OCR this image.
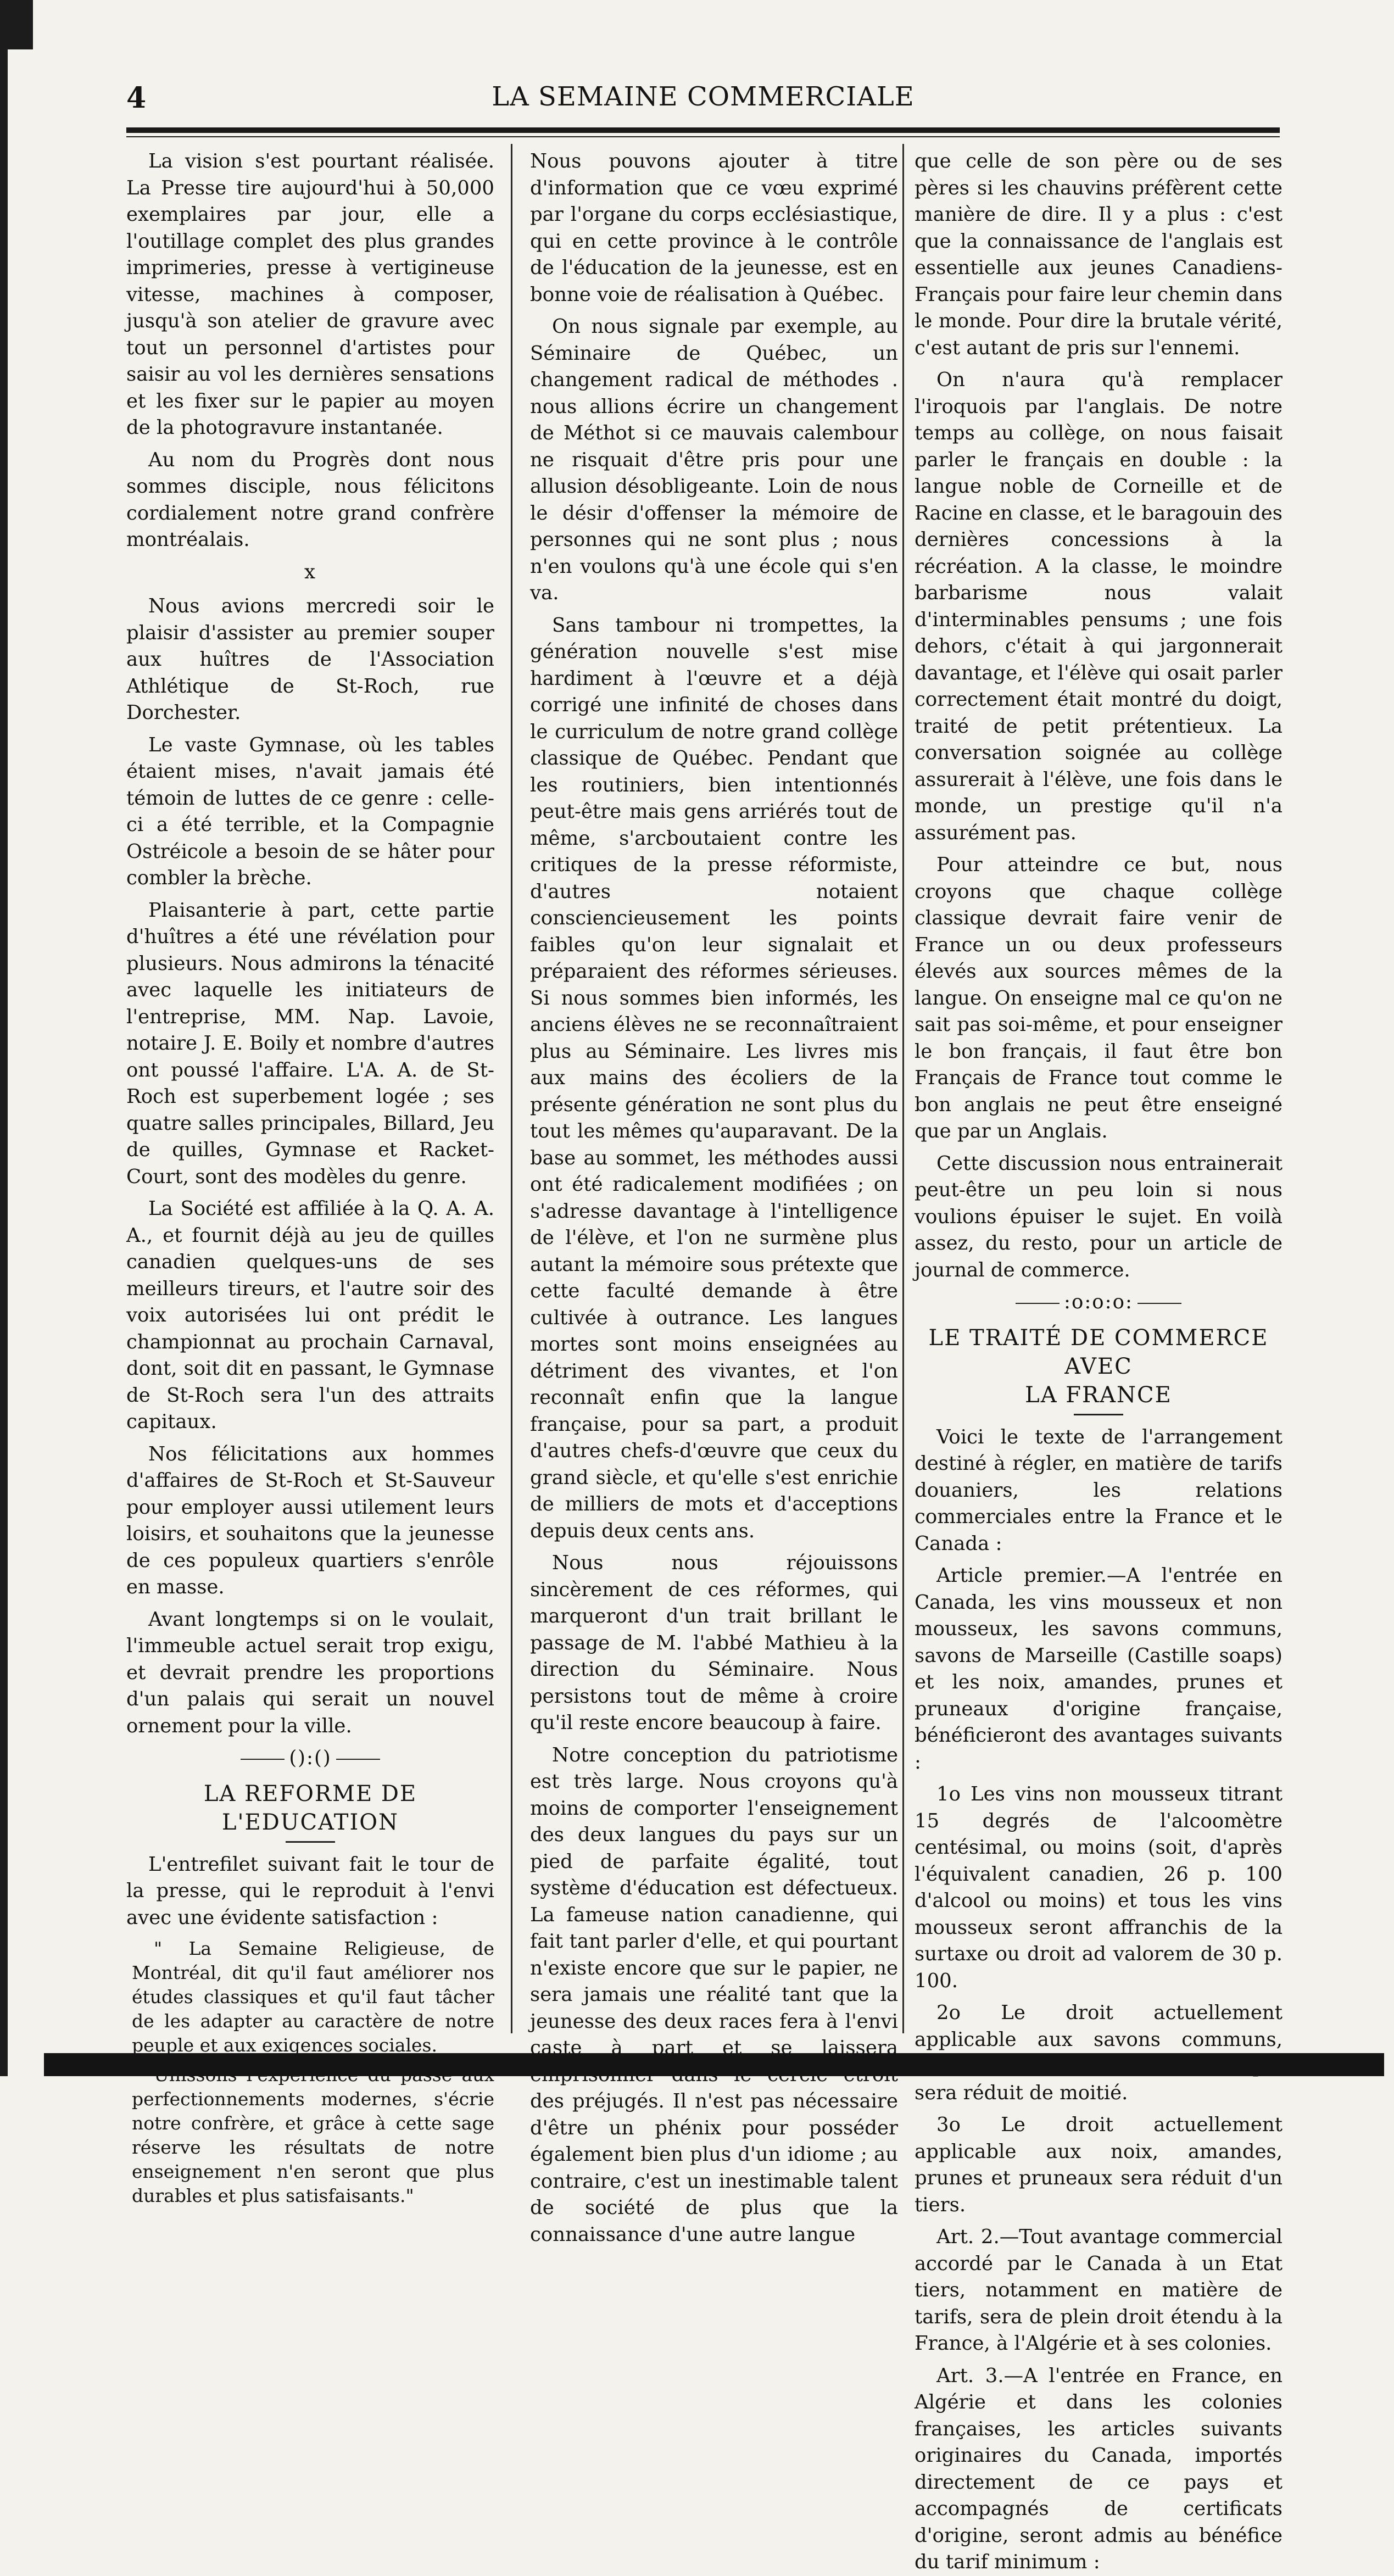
LA SEMAINE COMMERCIALE
4

La vision s'est pourtant réalisée. La Presse tire aujourd'hui à 50,000 exemplaires par jour, elle a l'outillage complet des plus grandes imprimeries, presse à vertigineuse vitesse, machines à composer, jusqu'à son atelier de gravure avec tout un personnel d'artistes pour saisir au vol les dernières sensations et les fixer sur le papier au moyen de la photogravure instantanée.

Au nom du Progrès dont nous sommes disciple, nous félicitons cordialement notre grand confrère montréalais.

x

Nous avions mercredi soir le plaisir d'assister au premier souper aux huîtres de l'Association Athlétique de St-Roch, rue Dorchester.

Le vaste Gymnase, où les tables étaient mises, n'avait jamais été témoin de luttes de ce genre : celle-ci a été terrible, et la Compagnie Ostréicole a besoin de se hâter pour combler la brèche.

Plaisanterie à part, cette partie d'huîtres a été une révélation pour plusieurs. Nous admirons la ténacité avec laquelle les initiateurs de l'entreprise, MM. Nap. Lavoie, notaire J. E. Boily et nombre d'autres ont poussé l'affaire. L'A. A. de St-Roch est superbement logée ; ses quatre salles principales, Billard, Jeu de quilles, Gymnase et Racket-Court, sont des modèles du genre.

La Société est affiliée à la Q. A. A. A., et fournit déjà au jeu de quilles canadien quelques-uns de ses meilleurs tireurs, et l'autre soir des voix autorisées lui ont prédit le championnat au prochain Carnaval, dont, soit dit en passant, le Gymnase de St-Roch sera l'un des attraits capitaux.

Nos félicitations aux hommes d'affaires de St-Roch et St-Sauveur pour employer aussi utilement leurs loisirs, et souhaitons que la jeunesse de ces populeux quartiers s'enrôle en masse.

Avant longtemps si on le voulait, l'immeuble actuel serait trop exigu, et devrait prendre les proportions d'un palais qui serait un nouvel ornement pour la ville.

():()
LA REFORME DE L'EDUCATION

L'entrefilet suivant fait le tour de la presse, qui le reproduit à l'envi avec une évidente satisfaction :

" La Semaine Religieuse, de Montréal, dit qu'il faut améliorer nos études classiques et qu'il faut tâcher de les adapter au caractère de notre peuple et aux exigences sociales.

Unissons l'expérience du passé aux perfectionnements modernes, s'écrie notre confrère, et grâce à cette sage réserve les résultats de notre enseignement n'en seront que plus durables et plus satisfaisants."

Nous pouvons ajouter à titre d'information que ce vœu exprimé par l'organe du corps ecclésiastique, qui en cette province à le contrôle de l'éducation de la jeunesse, est en bonne voie de réalisation à Québec.

On nous signale par exemple, au Séminaire de Québec, un changement radical de méthodes . nous allions écrire un changement de Méthot si ce mauvais calembour ne risquait d'être pris pour une allusion désobligeante. Loin de nous le désir d'offenser la mémoire de personnes qui ne sont plus ; nous n'en voulons qu'à une école qui s'en va.

Sans tambour ni trompettes, la génération nouvelle s'est mise hardiment à l'œuvre et a déjà corrigé une infinité de choses dans le curriculum de notre grand collège classique de Québec. Pendant que les routiniers, bien intentionnés peut-être mais gens arriérés tout de même, s'arcboutaient contre les critiques de la presse réformiste, d'autres notaient consciencieusement les points faibles qu'on leur signalait et préparaient des réformes sérieuses. Si nous sommes bien informés, les anciens élèves ne se reconnaîtraient plus au Séminaire. Les livres mis aux mains des écoliers de la présente génération ne sont plus du tout les mêmes qu'auparavant. De la base au sommet, les méthodes aussi ont été radicalement modifiées ; on s'adresse davantage à l'intelligence de l'élève, et l'on ne surmène plus autant la mémoire sous prétexte que cette faculté demande à être cultivée à outrance. Les langues mortes sont moins enseignées au détriment des vivantes, et l'on reconnaît enfin que la langue française, pour sa part, a produit d'autres chefs-d'œuvre que ceux du grand siècle, et qu'elle s'est enrichie de milliers de mots et d'acceptions depuis deux cents ans.

Nous nous réjouissons sincèrement de ces réformes, qui marqueront d'un trait brillant le passage de M. l'abbé Mathieu à la direction du Séminaire. Nous persistons tout de même à croire qu'il reste encore beaucoup à faire.

Notre conception du patriotisme est très large. Nous croyons qu'à moins de comporter l'enseignement des deux langues du pays sur un pied de parfaite égalité, tout système d'éducation est défectueux. La fameuse nation canadienne, qui fait tant parler d'elle, et qui pourtant n'existe encore que sur le papier, ne sera jamais une réalité tant que la jeunesse des deux races fera à l'envi caste à part et se laissera emprisonner dans le cercle étroit des préjugés. Il n'est pas nécessaire d'être un phénix pour posséder également bien plus d'un idiome ; au contraire, c'est un inestimable talent de société de plus que la connaissance d'une autre langue

que celle de son père ou de ses pères si les chauvins préfèrent cette manière de dire. Il y a plus : c'est que la connaissance de l'anglais est essentielle aux jeunes Canadiens-Français pour faire leur chemin dans le monde. Pour dire la brutale vérité, c'est autant de pris sur l'ennemi.

On n'aura qu'à remplacer l'iroquois par l'anglais. De notre temps au collège, on nous faisait parler le français en double : la langue noble de Corneille et de Racine en classe, et le baragouin des dernières concessions à la récréation. A la classe, le moindre barbarisme nous valait d'interminables pensums ; une fois dehors, c'était à qui jargonnerait davantage, et l'élève qui osait parler correctement était montré du doigt, traité de petit prétentieux. La conversation soignée au collège assurerait à l'élève, une fois dans le monde, un prestige qu'il n'a assurément pas.

Pour atteindre ce but, nous croyons que chaque collège classique devrait faire venir de France un ou deux professeurs élevés aux sources mêmes de la langue. On enseigne mal ce qu'on ne sait pas soi-même, et pour enseigner le bon français, il faut être bon Français de France tout comme le bon anglais ne peut être enseigné que par un Anglais.

Cette discussion nous entrainerait peut-être un peu loin si nous voulions épuiser le sujet. En voilà assez, du resto, pour un article de journal de commerce.

:o:o:o:
LE TRAITÉ DE COMMERCE AVEC
LA FRANCE

Voici le texte de l'arrangement destiné à régler, en matière de tarifs douaniers, les relations commerciales entre la France et le Canada :

Article premier.—A l'entrée en Canada, les vins mousseux et non mousseux, les savons communs, savons de Marseille (Castille soaps) et les noix, amandes, prunes et pruneaux d'origine française, bénéficieront des avantages suivants :

1o Les vins non mousseux titrant 15 degrés de l'alcoomètre centésimal, ou moins (soit, d'après l'équivalent canadien, 26 p. 100 d'alcool ou moins) et tous les vins mousseux seront affranchis de la surtaxe ou droit ad valorem de 30 p. 100.

2o Le droit actuellement applicable aux savons communs, savons de Marseille (Castille soaps) sera réduit de moitié.

3o Le droit actuellement applicable aux noix, amandes, prunes et pruneaux sera réduit d'un tiers.

Art. 2.—Tout avantage commercial accordé par le Canada à un Etat tiers, notamment en matière de tarifs, sera de plein droit étendu à la France, à l'Algérie et à ses colonies.

Art. 3.—A l'entrée en France, en Algérie et dans les colonies françaises, les articles suivants originaires du Canada, importés directement de ce pays et accompagnés de certificats d'origine, seront admis au bénéfice du tarif minimum :
